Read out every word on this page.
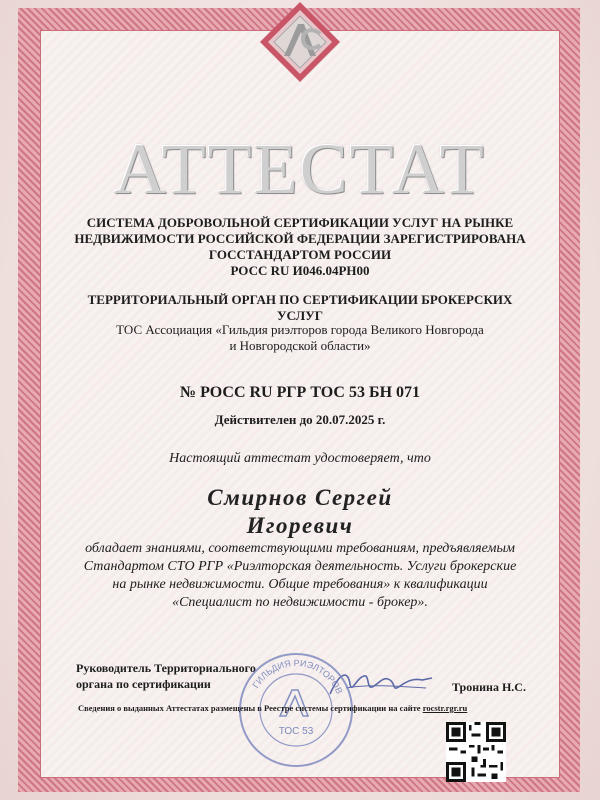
АТТЕСТАТ
СИСТЕМА ДОБРОВОЛЬНОЙ СЕРТИФИКАЦИИ УСЛУГ НА РЫНКЕ
НЕДВИЖИМОСТИ РОССИЙСКОЙ ФЕДЕРАЦИИ ЗАРЕГИСТРИРОВАНА
ГОССТАНДАРТОМ РОССИИ
РОСС RU И046.04РН00
ТЕРРИТОРИАЛЬНЫЙ ОРГАН ПО СЕРТИФИКАЦИИ БРОКЕРСКИХ
УСЛУГ
ТОС Ассоциация «Гильдия риэлторов города Великого Новгорода
и Новгородской области»
№ РОСС RU РГР ТОС 53 БН 071
Действителен до 20.07.2025 г.
Настоящий аттестат удостоверяет, что
Смирнов Сергей
Игоревич
обладает знаниями, соответствующими требованиям, предъявляемым
Стандартом СТО РГР «Риэлторская деятельность. Услуги брокерские
на рынке недвижимости. Общие требования» к квалификации
«Специалист по недвижимости - брокер».
Руководитель Территориального
органа по сертификации	Тронина Н.С.
ГИЛЬДИЯ РИЭЛТОРОВ
ТОС 53
Сведения о выданных Аттестатах размещены в Реестре системы сертификации на сайте rocstr.rgr.ru
